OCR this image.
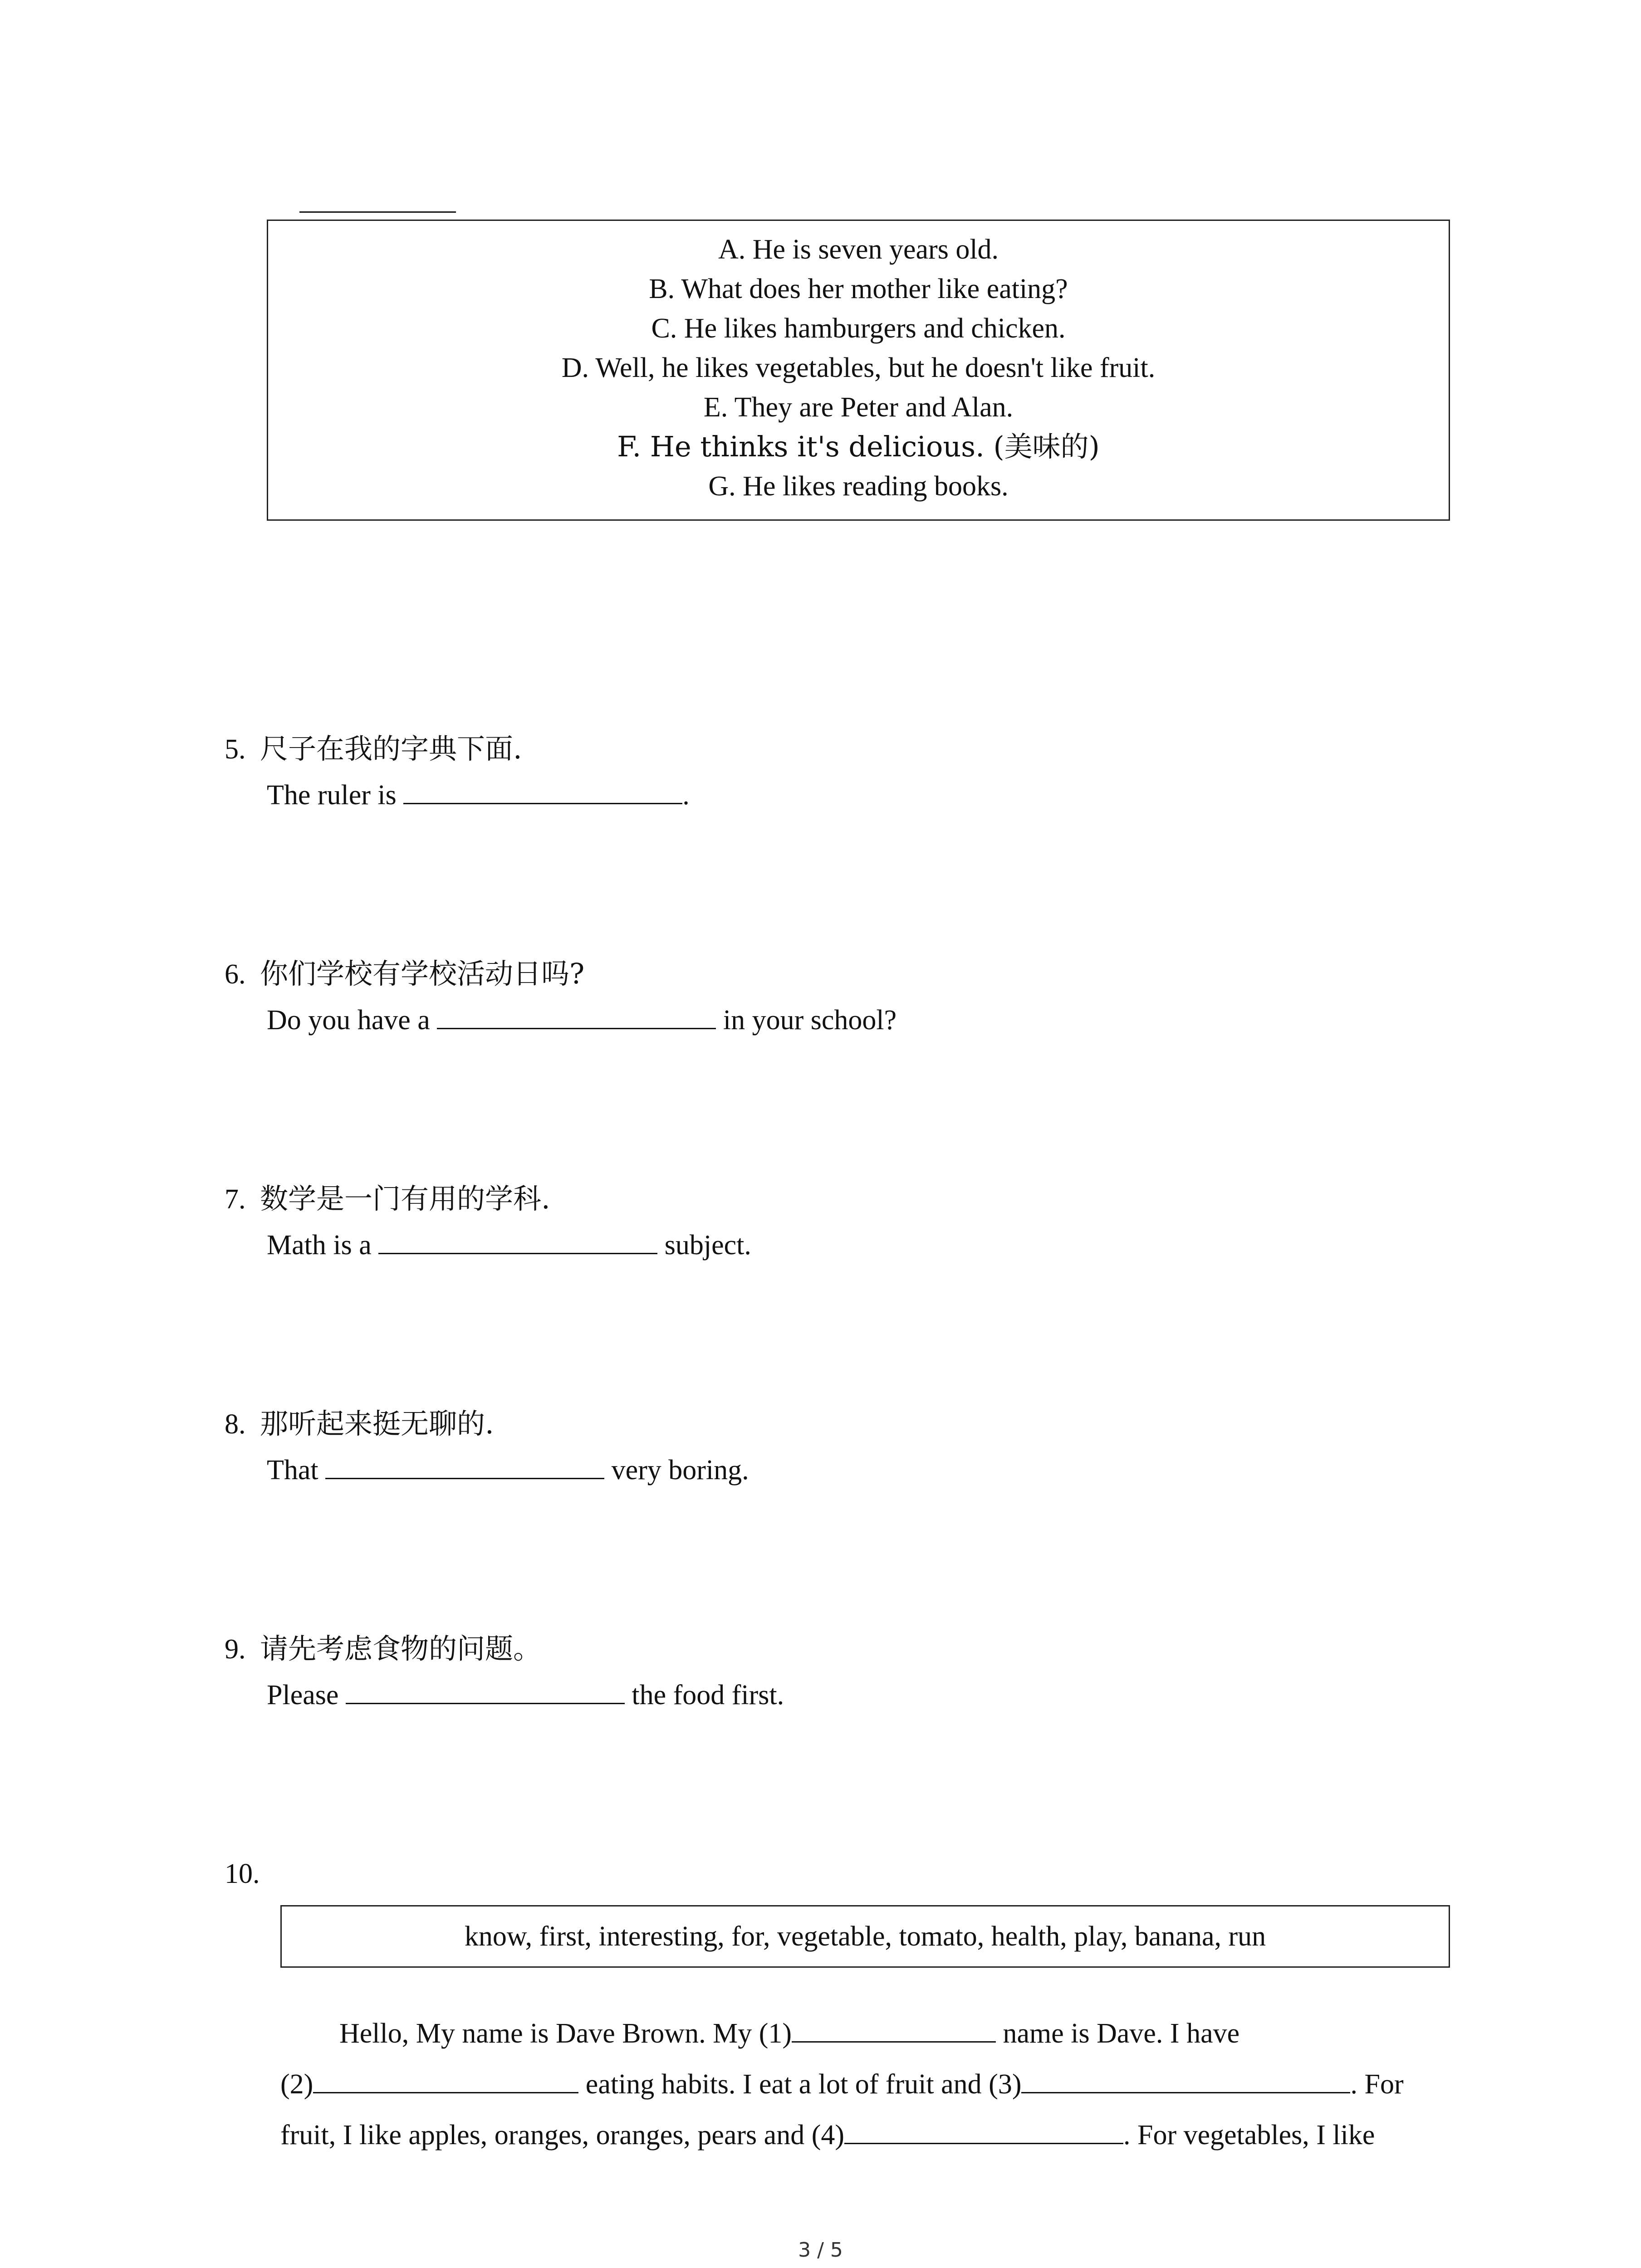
A. He is seven years old.
B. What does her mother like eating?
C. He likes hamburgers and chicken.
D. Well, he likes vegetables, but he doesn't like fruit.
E. They are Peter and Alan.
F. He thinks it's delicious. (美味的)
G. He likes reading books.
5. 尺子在我的字典下面.
The ruler is	.
6. 你们学校有学校活动日吗?
Do you have a	in your school?
7. 数学是一门有用的学科.
Math is a	subject.
8. 那听起来挺无聊的.
That	very boring.
9. 请先考虑食物的问题。
Please	the food first.
10.
know, first, interesting, for, vegetable, tomato, health, play, banana, run
Hello, My name is Dave Brown. My (1)	name is Dave. I have
(2)	eating habits. I eat a lot of fruit and (3)	. For
fruit, I like apples, oranges, oranges, pears and (4)	. For vegetables, I like
3 / 5
